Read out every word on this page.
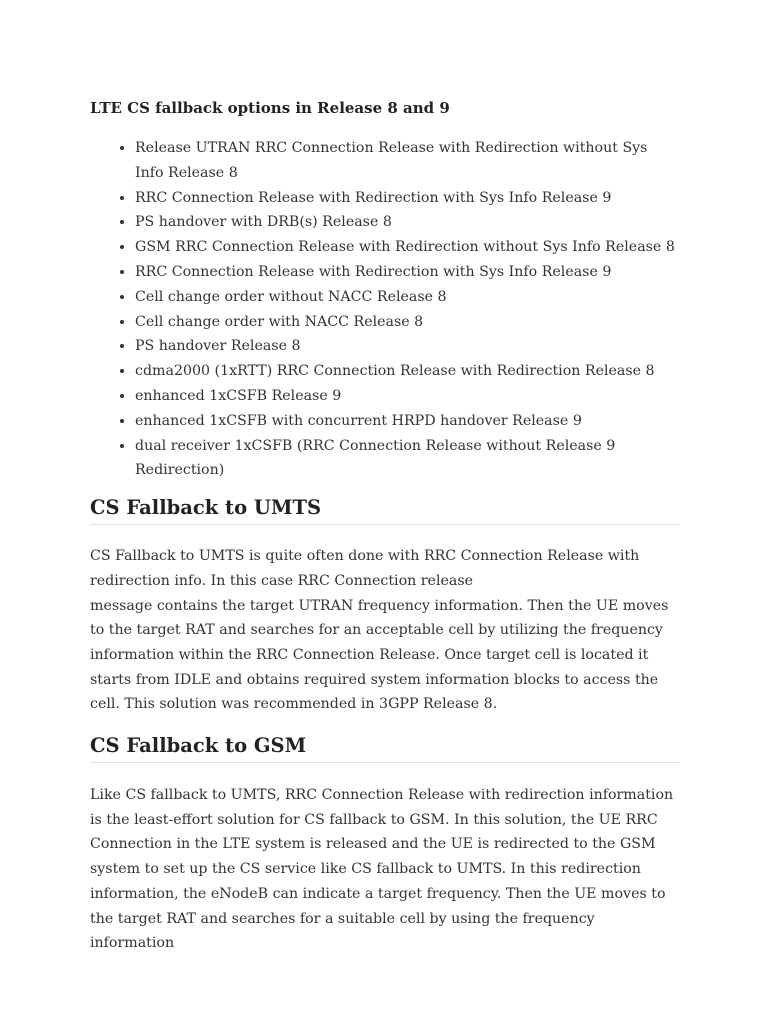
LTE CS fallback options in Release 8 and 9
• Release UTRAN RRC Connection Release with Redirection without Sys Info Release 8
• RRC Connection Release with Redirection with Sys Info Release 9
• PS handover with DRB(s) Release 8
• GSM RRC Connection Release with Redirection without Sys Info Release 8
• RRC Connection Release with Redirection with Sys Info Release 9
• Cell change order without NACC Release 8
• Cell change order with NACC Release 8
• PS handover Release 8
• cdma2000 (1xRTT) RRC Connection Release with Redirection Release 8
• enhanced 1xCSFB Release 9
• enhanced 1xCSFB with concurrent HRPD handover Release 9
• dual receiver 1xCSFB (RRC Connection Release without Release 9 Redirection)
CS Fallback to UMTS

CS Fallback to UMTS is quite often done with RRC Connection Release with redirection info. In this case RRC Connection release
message contains the target UTRAN frequency information. Then the UE moves to the target RAT and searches for an acceptable cell by utilizing the frequency information within the RRC Connection Release. Once target cell is located it starts from IDLE and obtains required system information blocks to access the cell. This solution was recommended in 3GPP Release 8.

CS Fallback to GSM

Like CS fallback to UMTS, RRC Connection Release with redirection information is the least-effort solution for CS fallback to GSM. In this solution, the UE RRC Connection in the LTE system is released and the UE is redirected to the GSM system to set up the CS service like CS fallback to UMTS. In this redirection information, the eNodeB can indicate a target frequency. Then the UE moves to the target RAT and searches for a suitable cell by using the frequency information
